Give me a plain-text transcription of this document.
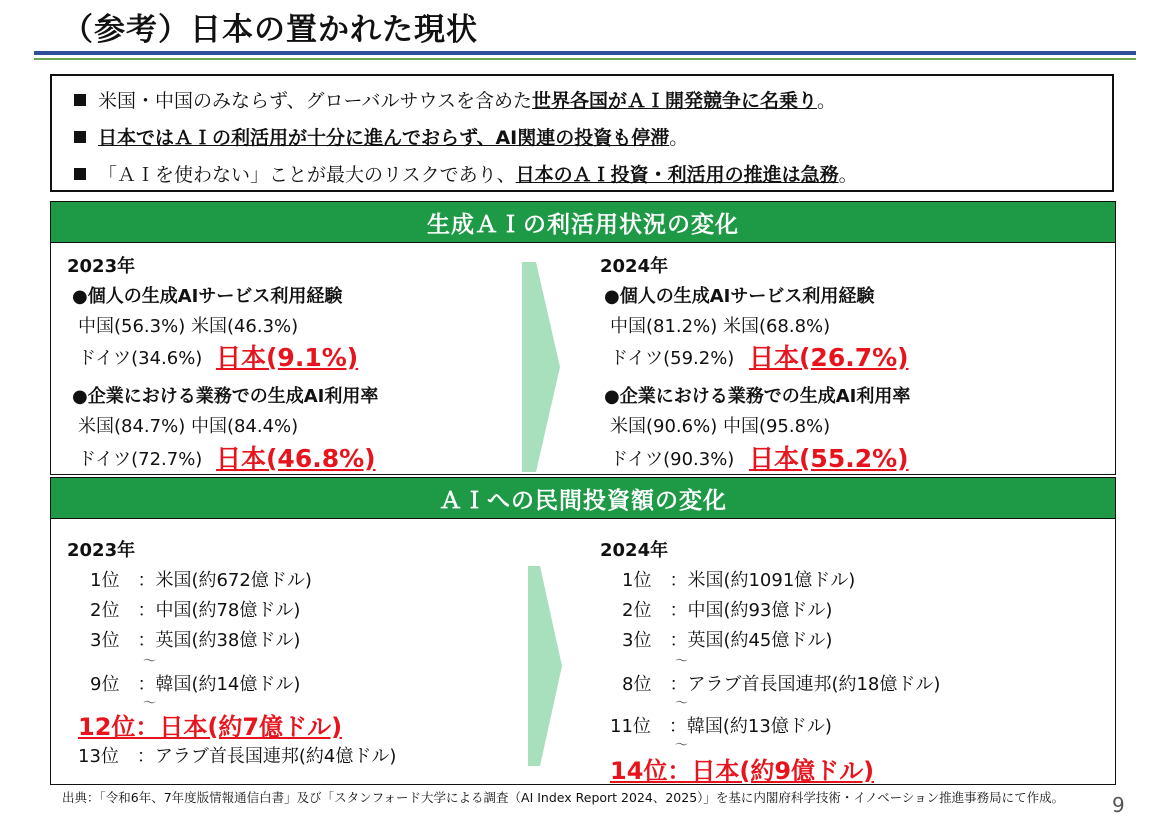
（参考）日本の置かれた現状
米国・中国のみならず、グローバルサウスを含めた世界各国がＡＩ開発競争に名乗り。
日本ではＡＩの利活用が十分に進んでおらず、AI関連の投資も停滞。
「ＡＩを使わない」ことが最大のリスクであり、日本のＡＩ投資・利活用の推進は急務。
生成ＡＩの利活用状況の変化
2023年
●個人の生成AIサービス利用経験
中国(56.3%) 米国(46.3%)
ドイツ(34.6%) 日本(9.1%)
●企業における業務での生成AI利用率
米国(84.7%) 中国(84.4%)
ドイツ(72.7%) 日本(46.8%)
2024年
●個人の生成AIサービス利用経験
中国(81.2%) 米国(68.8%)
ドイツ(59.2%) 日本(26.7%)
●企業における業務での生成AI利用率
米国(90.6%) 中国(95.8%)
ドイツ(90.3%) 日本(55.2%)
ＡＩへの民間投資額の変化
2023年
1位　：米国(約672億ドル)
2位　：中国(約78億ドル)
3位　：英国(約38億ドル)
～
9位　：韓国(約14億ドル)
～
12位：日本(約7億ドル)
13位　：アラブ首長国連邦(約4億ドル)
2024年
1位　：米国(約1091億ドル)
2位　：中国(約93億ドル)
3位　：英国(約45億ドル)
～
8位　：アラブ首長国連邦(約18億ドル)
～
11位　：韓国(約13億ドル)
～
14位：日本(約9億ドル)
出典：「令和6年、7年度版情報通信白書」及び「スタンフォード大学による調査（AI Index Report 2024、2025）」を基に内閣府科学技術・イノベーション推進事務局にて作成。	9
